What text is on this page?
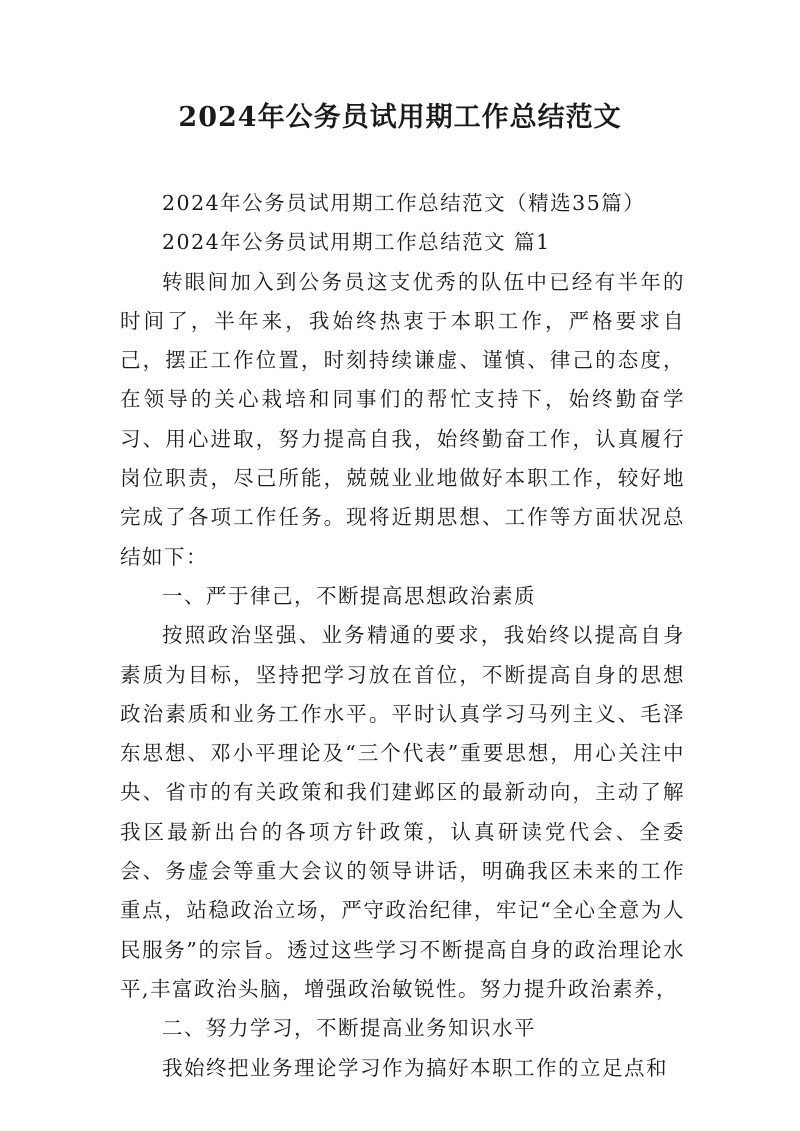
2024年公务员试用期工作总结范文

2024年公务员试用期工作总结范文（精选35篇）

2024年公务员试用期工作总结范文 篇1

转眼间加入到公务员这支优秀的队伍中已经有半年的时间了，半年来，我始终热衷于本职工作，严格要求自己，摆正工作位置，时刻持续谦虚、谨慎、律己的态度，在领导的关心栽培和同事们的帮忙支持下，始终勤奋学习、用心进取，努力提高自我，始终勤奋工作，认真履行岗位职责，尽己所能，兢兢业业地做好本职工作，较好地完成了各项工作任务。现将近期思想、工作等方面状况总结如下：

一、严于律己，不断提高思想政治素质

按照政治坚强、业务精通的要求，我始终以提高自身素质为目标，坚持把学习放在首位，不断提高自身的思想政治素质和业务工作水平。平时认真学习马列主义、毛泽东思想、邓小平理论及“三个代表”重要思想，用心关注中央、省市的有关政策和我们建邺区的最新动向，主动了解我区最新出台的各项方针政策，认真研读党代会、全委会、务虚会等重大会议的领导讲话，明确我区未来的工作重点，站稳政治立场，严守政治纪律，牢记“全心全意为人民服务”的宗旨。透过这些学习不断提高自身的政治理论水平,丰富政治头脑，增强政治敏锐性。努力提升政治素养，

二、努力学习，不断提高业务知识水平

我始终把业务理论学习作为搞好本职工作的立足点和
